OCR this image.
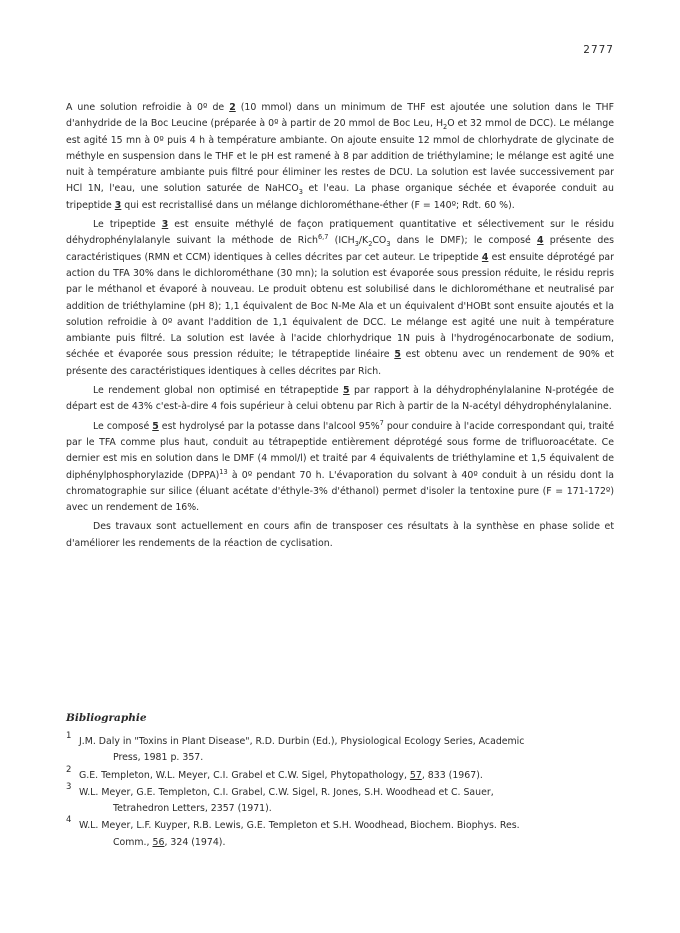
2777

A une solution refroidie à 0º de 2 (10 mmol) dans un minimum de THF est ajoutée une solution dans le THF d'anhydride de la Boc Leucine (préparée à 0º à partir de 20 mmol de Boc Leu, $H_2O$ et 32 mmol de DCC). Le mélange est agité 15 mn à 0º puis 4 h à température ambiante. On ajoute ensuite 12 mmol de chlorhydrate de glycinate de méthyle en suspension dans le THF et le pH est ramené à 8 par addition de triéthylamine; le mélange est agité une nuit à température ambiante puis filtré pour éliminer les restes de DCU. La solution est lavée successivement par HCl 1N, l'eau, une solution saturée de NaHCO$_3$ et l'eau. La phase organique séchée et évaporée conduit au tripeptide 3 qui est recristallisé dans un mélange dichlorométhane-éther (F = 140º; Rdt. 60 %).

Le tripeptide 3 est ensuite méthylé de façon pratiquement quantitative et sélectivement sur le résidu déhydrophénylalanyle suivant la méthode de Rich$^{6,7}$ ($ICH_3/K_2CO_3$ dans le DMF); le composé 4 présente des caractéristiques (RMN et CCM) identiques à celles décrites par cet auteur. Le tripeptide 4 est ensuite déprotégé par action du TFA 30% dans le dichlorométhane (30 mn); la solution est évaporée sous pression réduite, le résidu repris par le méthanol et évaporé à nouveau. Le produit obtenu est solubilisé dans le dichlorométhane et neutralisé par addition de triéthylamine (pH 8); 1,1 équivalent de Boc N-Me Ala et un équivalent d'HOBt sont ensuite ajoutés et la solution refroidie à 0º avant l'addition de 1,1 équivalent de DCC. Le mélange est agité une nuit à température ambiante puis filtré. La solution est lavée à l'acide chlorhydrique 1N puis à l'hydrogénocarbonate de sodium, séchée et évaporée sous pression réduite; le tétrapeptide linéaire 5 est obtenu avec un rendement de 90% et présente des caractéristiques identiques à celles décrites par Rich.

Le rendement global non optimisé en tétrapeptide 5 par rapport à la déhydrophénylalanine N-protégée de départ est de 43% c'est-à-dire 4 fois supérieur à celui obtenu par Rich à partir de la N-acétyl déhydrophénylalanine.

Le composé 5 est hydrolysé par la potasse dans l'alcool 95%$^7$ pour conduire à l'acide correspondant qui, traité par le TFA comme plus haut, conduit au tétrapeptide entièrement déprotégé sous forme de trifluoroacétate. Ce dernier est mis en solution dans le DMF (4 mmol/l) et traité par 4 équivalents de triéthylamine et 1,5 équivalent de diphénylphosphorylazide (DPPA)$^{13}$ à 0º pendant 70 h. L'évaporation du solvant à 40º conduit à un résidu dont la chromatographie sur silice (éluant acétate d'éthyle-3% d'éthanol) permet d'isoler la tentoxine pure (F = 171-172º) avec un rendement de 16%.

Des travaux sont actuellement en cours afin de transposer ces résultats à la synthèse en phase solide et d'améliorer les rendements de la réaction de cyclisation.

Bibliographie
1 J.M. Daly in "Toxins in Plant Disease", R.D. Durbin (Ed.), Physiological Ecology Series, Academic
Press, 1981 p. 357.
2 G.E. Templeton, W.L. Meyer, C.I. Grabel et C.W. Sigel, Phytopathology, 57, 833 (1967).
3 W.L. Meyer, G.E. Templeton, C.I. Grabel, C.W. Sigel, R. Jones, S.H. Woodhead et C. Sauer,
Tetrahedron Letters, 2357 (1971).
4 W.L. Meyer, L.F. Kuyper, R.B. Lewis, G.E. Templeton et S.H. Woodhead, Biochem. Biophys. Res.
Comm., 56, 324 (1974).
